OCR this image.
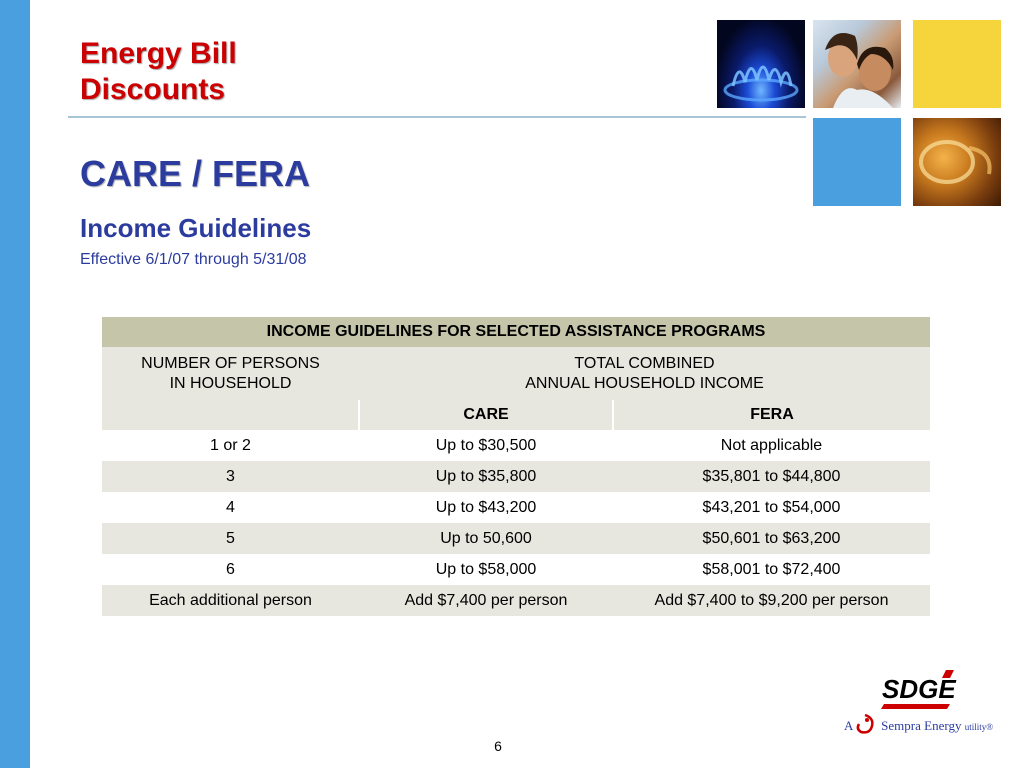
Energy Bill
Discounts
CARE / FERA
Income Guidelines

Effective 6/1/07 through 5/31/08

INCOME GUIDELINES FOR SELECTED ASSISTANCE PROGRAMS		
NUMBER OF PERSONS
IN HOUSEHOLD	TOTAL COMBINED
ANNUAL HOUSEHOLD INCOME	
	CARE	FERA
1 or 2	Up to $30,500	Not applicable
3	Up to $35,800	$35,801 to $44,800
4	Up to $43,200	$43,201 to $54,000
5	Up to 50,600	$50,601 to $63,200
6	Up to $58,000	$58,001 to $72,400
Each additional person	Add $7,400 per person	Add $7,400 to $9,200 per person
SDGE
A Sempra Energy utility®
6
